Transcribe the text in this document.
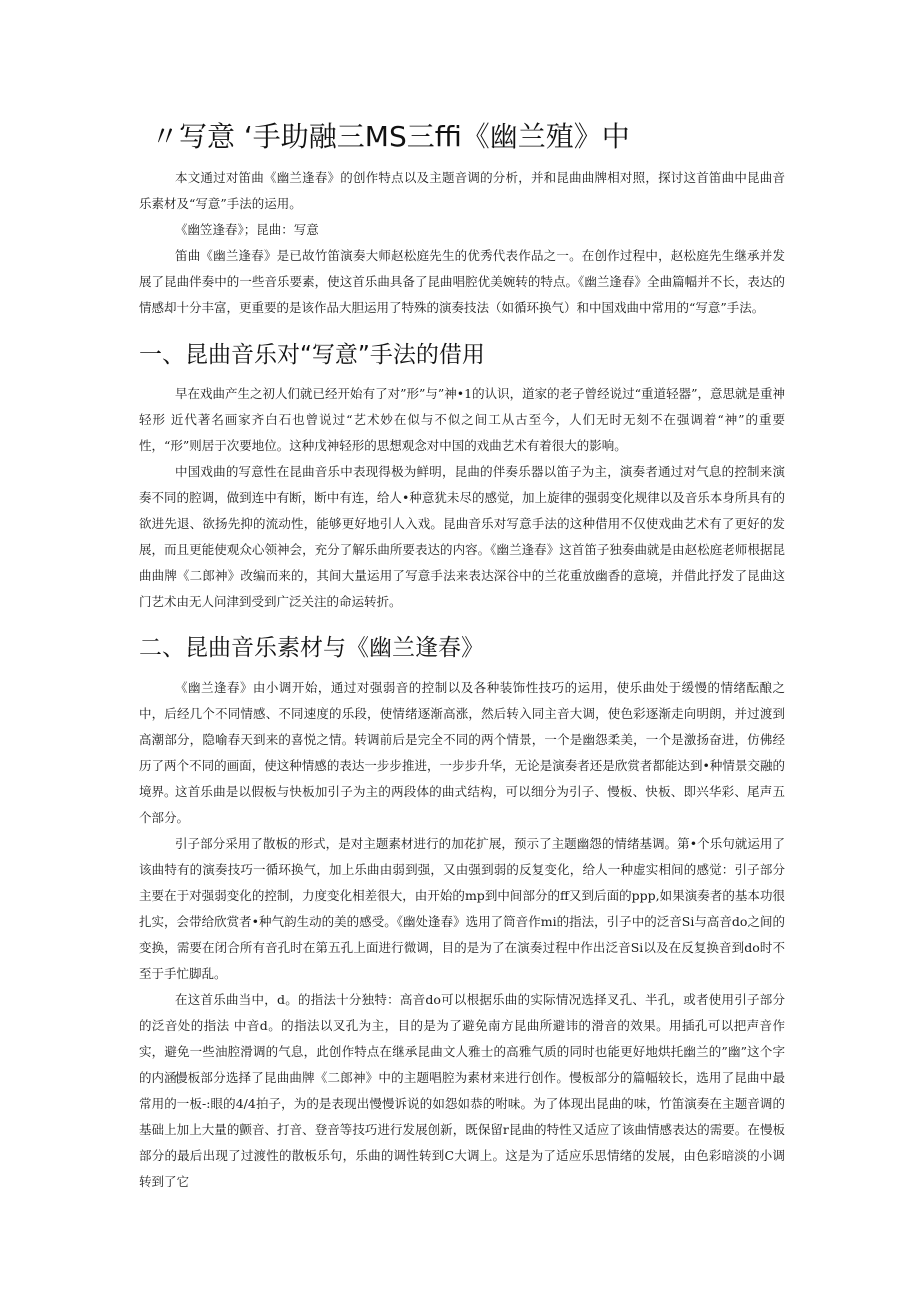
〃写意 ‘手助融三MS三ffi《幽兰殖》中

本文通过对笛曲《幽兰逢春》的创作特点以及主题音调的分析，并和昆曲曲牌相对照，探讨这首笛曲中昆曲音乐素材及“写意”手法的运用。

《幽笠逢春》；昆曲：写意

笛曲《幽兰逢春》是已故竹笛演奏大师赵松庭先生的优秀代表作品之一。在创作过程中，赵松庭先生继承并发展了昆曲伴奏中的一些音乐要素，使这首乐曲具备了昆曲唱腔优美婉转的特点。《幽兰逢春》全曲篇幅并不长，表达的情感却十分丰富，更重要的是该作品大胆运用了特殊的演奏技法（如循环换气）和中国戏曲中常用的“写意”手法。

一、昆曲音乐对“写意”手法的借用

早在戏曲产生之初人们就已经开始有了对”形”与”神•1的认识，道家的老子曾经说过“重道轻器”，意思就是重神轻形 近代著名画家齐白石也曾说过“艺术妙在似与不似之间工从古至今，人们无时无刻不在强调着“神”的重要性，“形”则居于次要地位。这种戊神轻形的思想观念对中国的戏曲艺术有着很大的影响。

中国戏曲的写意性在昆曲音乐中表现得极为鲜明，昆曲的伴奏乐器以笛子为主，演奏者通过对气息的控制来演奏不同的腔调，做到连中有断，断中有连，给人•种意犹未尽的感觉，加上旋律的强弱变化规律以及音乐本身所具有的欲进先退、欲扬先抑的流动性，能够更好地引人入戏。昆曲音乐对写意手法的这种借用不仅使戏曲艺术有了更好的发展，而且更能使观众心领神会，充分了解乐曲所要表达的内容。《幽兰逢春》这首笛子独奏曲就是由赵松庭老师根据昆曲曲牌《二郎神》改编而来的，其间大量运用了写意手法来表达深谷中的兰花重放幽香的意境，并借此抒发了昆曲这门艺术由无人问津到受到广泛关注的命运转折。

二、昆曲音乐素材与《幽兰逢春》

《幽兰逢春》由小调开始，通过对强弱音的控制以及各种装饰性技巧的运用，使乐曲处于缓慢的情绪酝酿之中，后经几个不同情感、不同速度的乐段，使情绪逐渐高涨，然后转入同主音大调，使色彩逐渐走向明朗，并过渡到高潮部分，隐喻春天到来的喜悦之情。转调前后是完全不同的两个情景，一个是幽怨柔美，一个是激扬奋进，仿佛经历了两个不同的画面，使这种情感的表达一步步推进，一步步升华，无论是演奏者还是欣赏者都能达到•种情景交融的境界。

这首乐曲是以假板与快板加引子为主的两段体的曲式结构，可以细分为引子、慢板、快板、即兴华彩、尾声五个部分。

引子部分采用了散板的形式，是对主题素材进行的加花扩展，预示了主题幽怨的情绪基调。第•个乐句就运用了该曲特有的演奏技巧一循环换气，加上乐曲由弱到强，又由强到弱的反复变化，给人一种虚实相间的感觉：引子部分主要在于对强弱变化的控制，力度变化相差很大，由开始的mp到中间部分的ff又到后面的ppp,如果演奏者的基本功很扎实，会带给欣赏者•种气韵生动的美的感受。《幽处逢春》选用了筒音作mi的指法，引子中的泛音Si与高音do之间的变换，需要在闭合所有音孔时在第五孔上面进行微调，目的是为了在演奏过程中作出泛音Si以及在反复换音到do时不至于手忙脚乱。

在这首乐曲当中，d。的指法十分独特：高音do可以根据乐曲的实际情况选择叉孔、半孔，或者使用引子部分的泛音处的指法 中音d。的指法以叉孔为主，目的是为了避免南方昆曲所避讳的滑音的效果。用插孔可以把声音作实，避免一些油腔滑调的气息，此创作特点在继承昆曲文人雅士的高雅气质的同时也能更好地烘托幽兰的”幽”这个字的内涵。

慢板部分选择了昆曲曲牌《二郎神》中的主题唱腔为素材来进行创作。慢板部分的篇幅较长，选用了昆曲中最常用的一板-:眼的4/4拍子，为的是表现出慢慢诉说的如怨如恭的咐味。为了体现出昆曲的味，竹笛演奏在主题音调的基础上加上大量的颤音、打音、登音等技巧进行发展创新，既保留r昆曲的特性又适应了该曲情感表达的需要。在慢板部分的最后出现了过渡性的散板乐句，乐曲的调性转到C大调上。这是为了适应乐思情绪的发展，由色彩暗淡的小调转到了它
